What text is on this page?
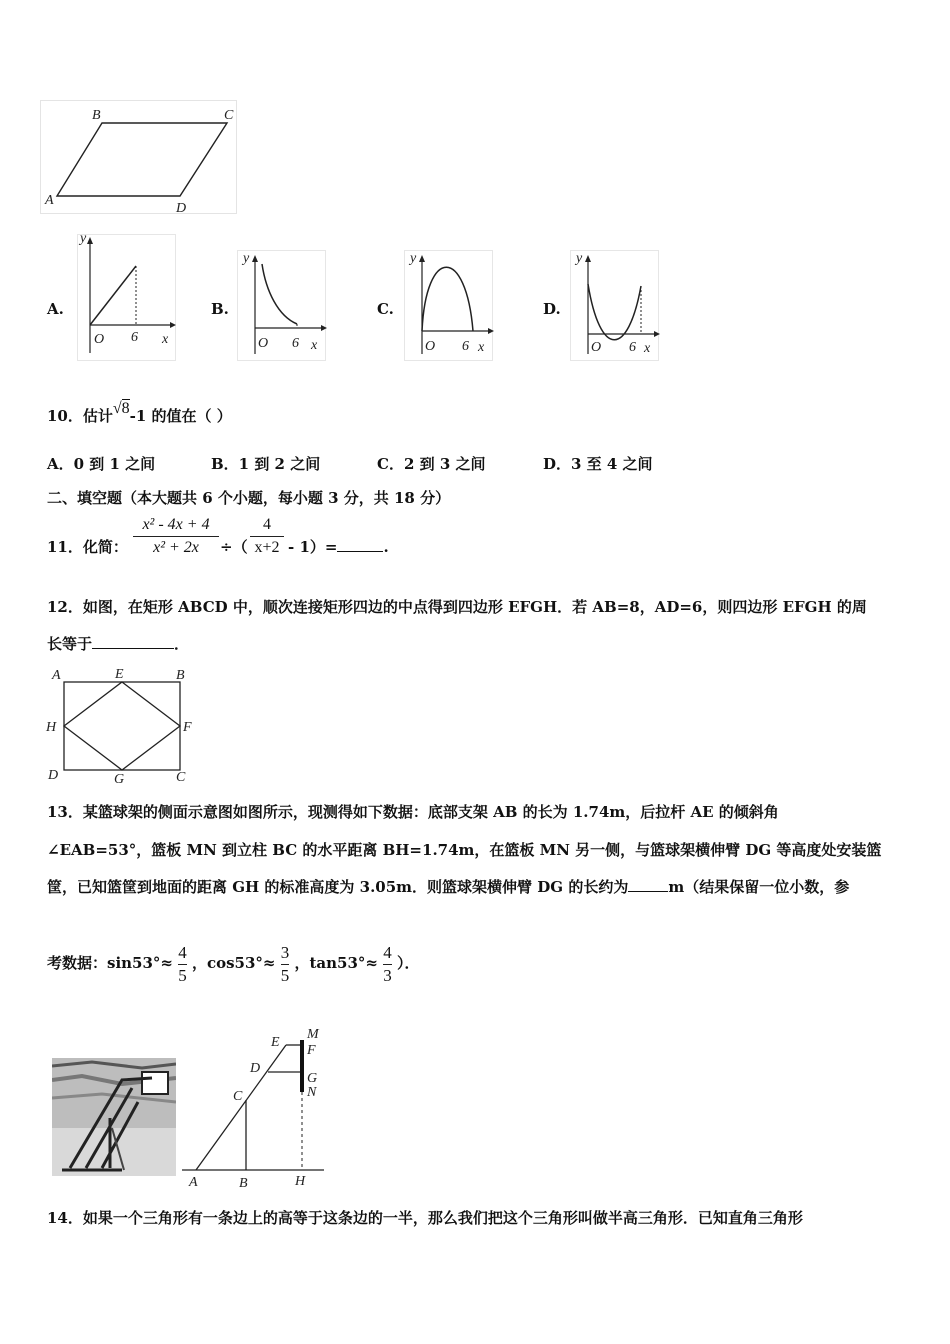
B	C
A
D
A.
y
O 6 x
B.
y
O 6 x
C.
y
O 6 x
D.
y
O 6 x
10．估计√8-1 的值在（ ）
A．0 到 1 之间	B．1 到 2 之间	C．2 到 3 之间	D．3 至 4 之间
二、填空题（本大题共 6 个小题，每小题 3 分，共 18 分）
11．化简： $\frac{\text{x² - 4x + 4}}{\text{x² + 2x}}$ ÷（ $\frac{4}{x+2} - 1)=$	.
12．如图，在矩形 ABCD 中，顺次连接矩形四边的中点得到四边形 EFGH．若 AB=8，AD=6，则四边形 EFGH 的周
长等于	．
A	E	B
H	F
D	G	C
13．某篮球架的侧面示意图如图所示，现测得如下数据：底部支架 AB 的长为 1.74m，后拉杆 AE 的倾斜角
∠EAB=53°，篮板 MN 到立柱 BC 的水平距离 BH=1.74m，在篮板 MN 另一侧，与篮球架横伸臂 DG 等高度处安装篮
筐，已知篮筐到地面的距离 GH 的标准高度为 3.05m．则篮球架横伸臂 DG 的长约为	m（结果保留一位小数，参
考数据：$\sin 53^\circ\approx \frac{4}{5}$ ，$\cos 53^\circ\approx \frac{3}{5}$ ，$\tan 53^\circ\approx \frac{4}{3}$ ）．
M
E
F
D
G
N
C
A	B	H
14．如果一个三角形有一条边上的高等于这条边的一半，那么我们把这个三角形叫做半高三角形．已知直角三角形
